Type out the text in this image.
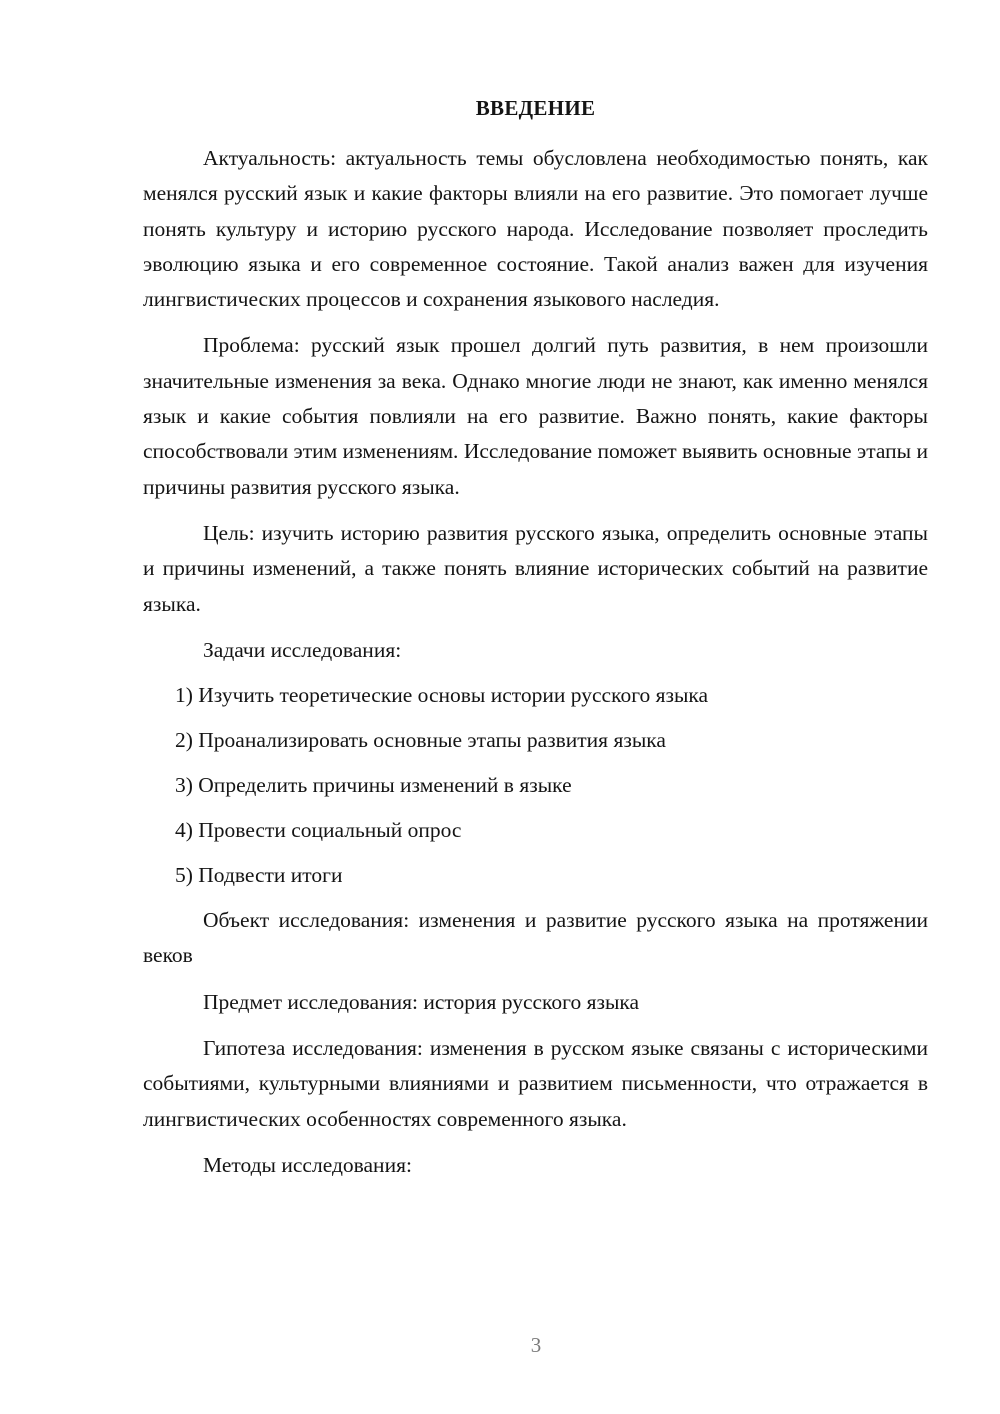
ВВЕДЕНИЕ

Актуальность: актуальность темы обусловлена необходимостью понять, как менялся русский язык и какие факторы влияли на его развитие. Это помогает лучше понять культуру и историю русского народа. Исследование позволяет проследить эволюцию языка и его современное состояние. Такой анализ важен для изучения лингвистических процессов и сохранения языкового наследия.

Проблема: русский язык прошел долгий путь развития, в нем произошли значительные изменения за века. Однако многие люди не знают, как именно менялся язык и какие события повлияли на его развитие. Важно понять, какие факторы способствовали этим изменениям. Исследование поможет выявить основные этапы и причины развития русского языка.

Цель: изучить историю развития русского языка, определить основные этапы и причины изменений, а также понять влияние исторических событий на развитие языка.

Задачи исследования:

1) Изучить теоретические основы истории русского языка
2) Проанализировать основные этапы развития языка
3) Определить причины изменений в языке
4) Провести социальный опрос
5) Подвести итоги

Объект исследования: изменения и развитие русского языка на протяжении веков

Предмет исследования: история русского языка

Гипотеза исследования: изменения в русском языке связаны с историческими событиями, культурными влияниями и развитием письменности, что отражается в лингвистических особенностях современного языка.

Методы исследования:

3
